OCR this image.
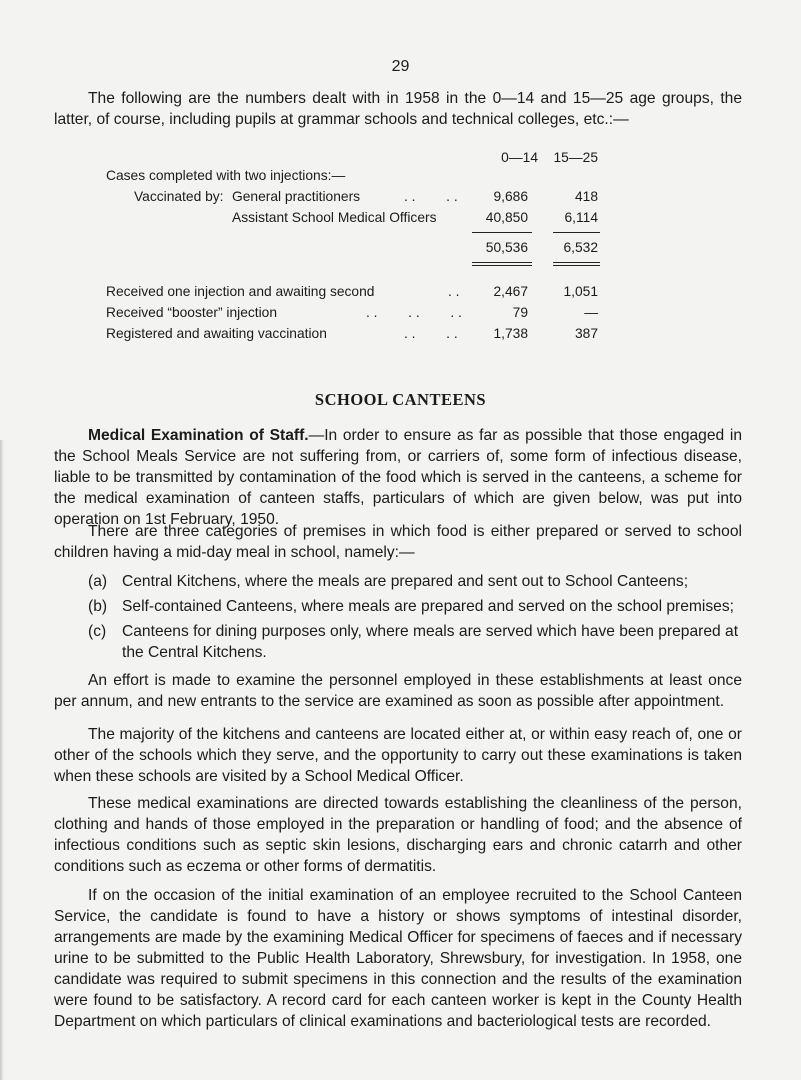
29

The following are the numbers dealt with in 1958 in the 0—14 and 15—25 age groups, the latter, of course, including pupils at grammar schools and technical colleges, etc.:—

0—14	15—25
Cases completed with two injections:—
Vaccinated by: General practitioners	. .        . .	9,686	418
Assistant School Medical Officers	40,850	6,114
50,536	6,532
Received one injection and awaiting second	. .	2,467	1,051
Received “booster” injection	. .        . .        . .	79	—
Registered and awaiting vaccination	. .        . .	1,738	387
SCHOOL CANTEENS

Medical Examination of Staff.—In order to ensure as far as possible that those engaged in the School Meals Service are not suffering from, or carriers of, some form of infectious disease, liable to be transmitted by contamination of the food which is served in the canteens, a scheme for the medical examination of canteen staffs, particulars of which are given below, was put into operation on 1st February, 1950.

There are three categories of premises in which food is either prepared or served to school children having a mid-day meal in school, namely:—

(a) Central Kitchens, where the meals are prepared and sent out to School Canteens;
(b) Self-contained Canteens, where meals are prepared and served on the school premises;
(c)	Canteens for dining purposes only, where meals are served which have been prepared at the Central Kitchens.

An effort is made to examine the personnel employed in these establishments at least once per annum, and new entrants to the service are examined as soon as possible after appointment.

The majority of the kitchens and canteens are located either at, or within easy reach of, one or other of the schools which they serve, and the opportunity to carry out these examinations is taken when these schools are visited by a School Medical Officer.

These medical examinations are directed towards establishing the cleanliness of the person, clothing and hands of those employed in the preparation or handling of food; and the absence of infectious conditions such as septic skin lesions, discharging ears and chronic catarrh and other conditions such as eczema or other forms of dermatitis.

If on the occasion of the initial examination of an employee recruited to the School Canteen Service, the candidate is found to have a history or shows symptoms of intestinal disorder, arrangements are made by the examining Medical Officer for specimens of faeces and if necessary urine to be submitted to the Public Health Laboratory, Shrewsbury, for investigation. In 1958, one candidate was required to submit specimens in this connection and the results of the examination were found to be satisfactory. A record card for each canteen worker is kept in the County Health Department on which particulars of clinical examinations and bacteriological tests are recorded.
